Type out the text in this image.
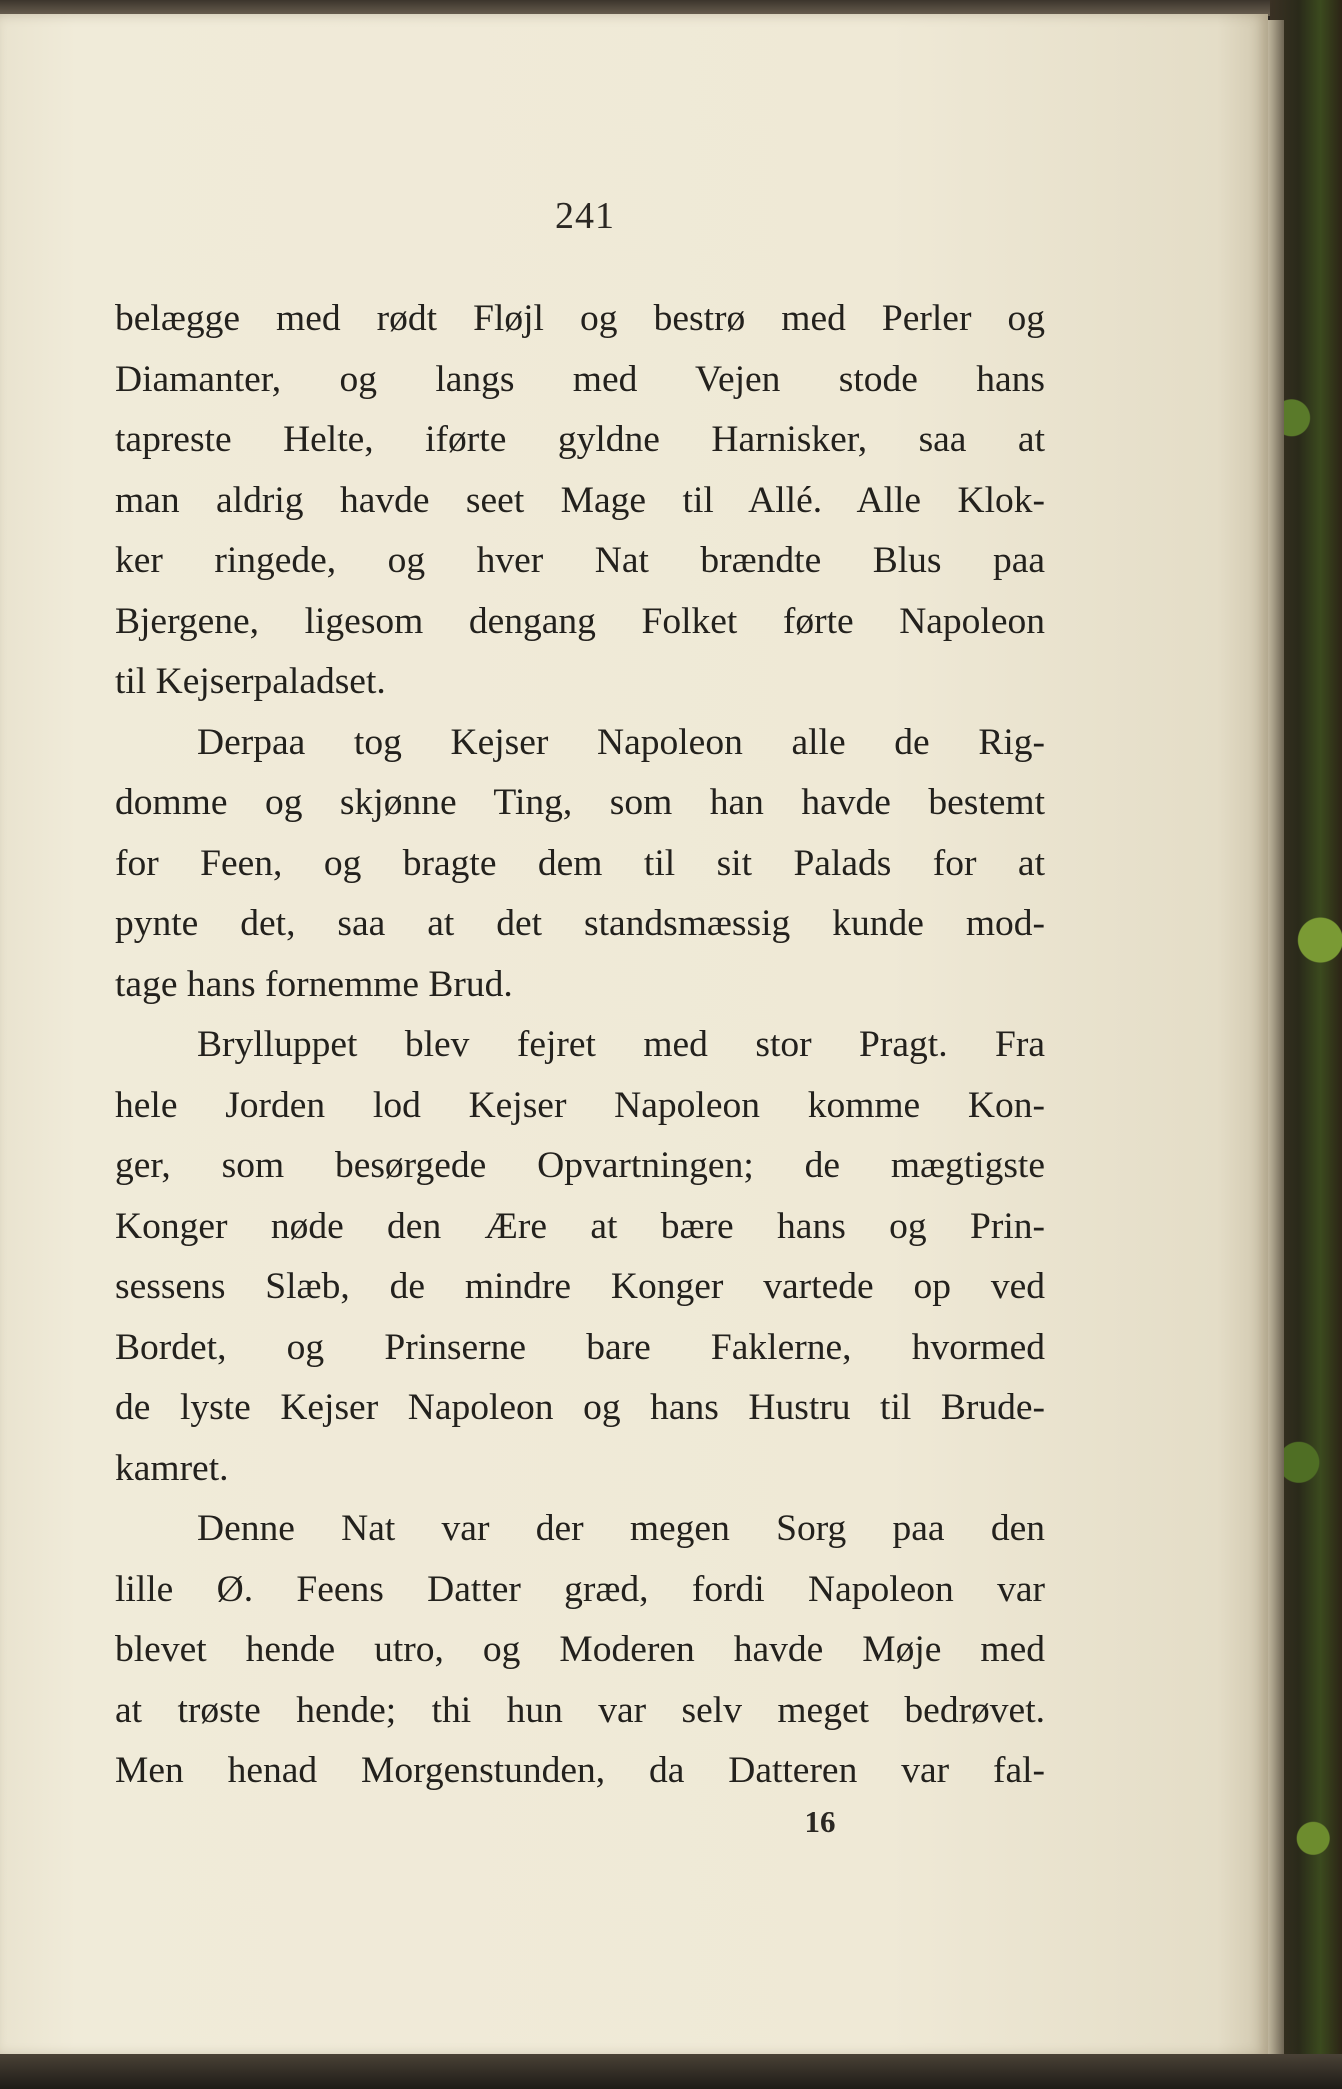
241
belægge med rødt Fløjl og bestrø med Perler og
Diamanter, og langs med Vejen stode hans
tapreste Helte, iførte gyldne Harnisker, saa at
man aldrig havde seet Mage til Allé. Alle Klok-
ker ringede, og hver Nat brændte Blus paa
Bjergene, ligesom dengang Folket førte Napoleon
til Kejserpaladset.
Derpaa tog Kejser Napoleon alle de Rig-
domme og skjønne Ting, som han havde bestemt
for Feen, og bragte dem til sit Palads for at
pynte det, saa at det standsmæssig kunde mod-
tage hans fornemme Brud.
Brylluppet blev fejret med stor Pragt. Fra
hele Jorden lod Kejser Napoleon komme Kon-
ger, som besørgede Opvartningen; de mægtigste
Konger nøde den Ære at bære hans og Prin-
sessens Slæb, de mindre Konger vartede op ved
Bordet, og Prinserne bare Faklerne, hvormed
de lyste Kejser Napoleon og hans Hustru til Brude-
kamret.
Denne Nat var der megen Sorg paa den
lille Ø. Feens Datter græd, fordi Napoleon var
blevet hende utro, og Moderen havde Møje med
at trøste hende; thi hun var selv meget bedrøvet.
Men henad Morgenstunden, da Datteren var fal-
16
